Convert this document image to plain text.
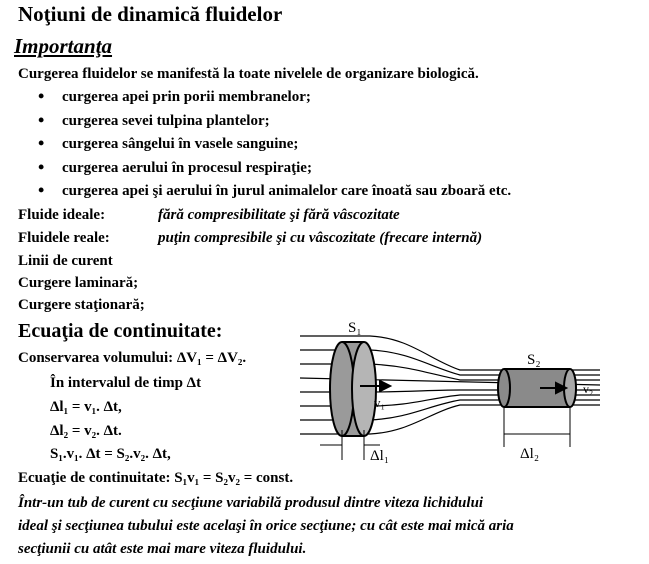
Noţiuni de dinamică fluidelor
Importanţa
Curgerea fluidelor se manifestă la toate nivelele de organizare biologică.
• curgerea apei prin porii membranelor;
• curgerea sevei tulpina plantelor;
• curgerea sângelui în vasele sanguine;
• curgerea aerului în procesul respiraţie;
• curgerea apei şi aerului în jurul animalelor care înoată sau zboară etc.
Fluide ideale:	fără compresibilitate şi fără vâscozitate
Fluidele reale:	puţin compresibile şi cu vâscozitate (frecare internă)
Linii de curent
Curgere laminară;
Curgere staţionară;
Ecuaţia de continuitate:
Conservarea volumului: ΔV₁ = ΔV₂.
În intervalul de timp Δt
Δl₁ = v₁. Δt,
Δl₂ = v₂. Δt.
S₁.v₁. Δt = S₂.v₂. Δt,
Ecuaţie de continuitate: S₁v₁ = S₂v₂ = const.
S₁
S₂
v₁
v₂
Δl₁	Δl₂
Într-un tub de curent cu secţiune variabilă produsul dintre viteza lichidului
ideal şi secţiunea tubului este acelaşi în orice secţiune; cu cât este mai mică aria
secţiunii cu atât este mai mare viteza fluidului.
